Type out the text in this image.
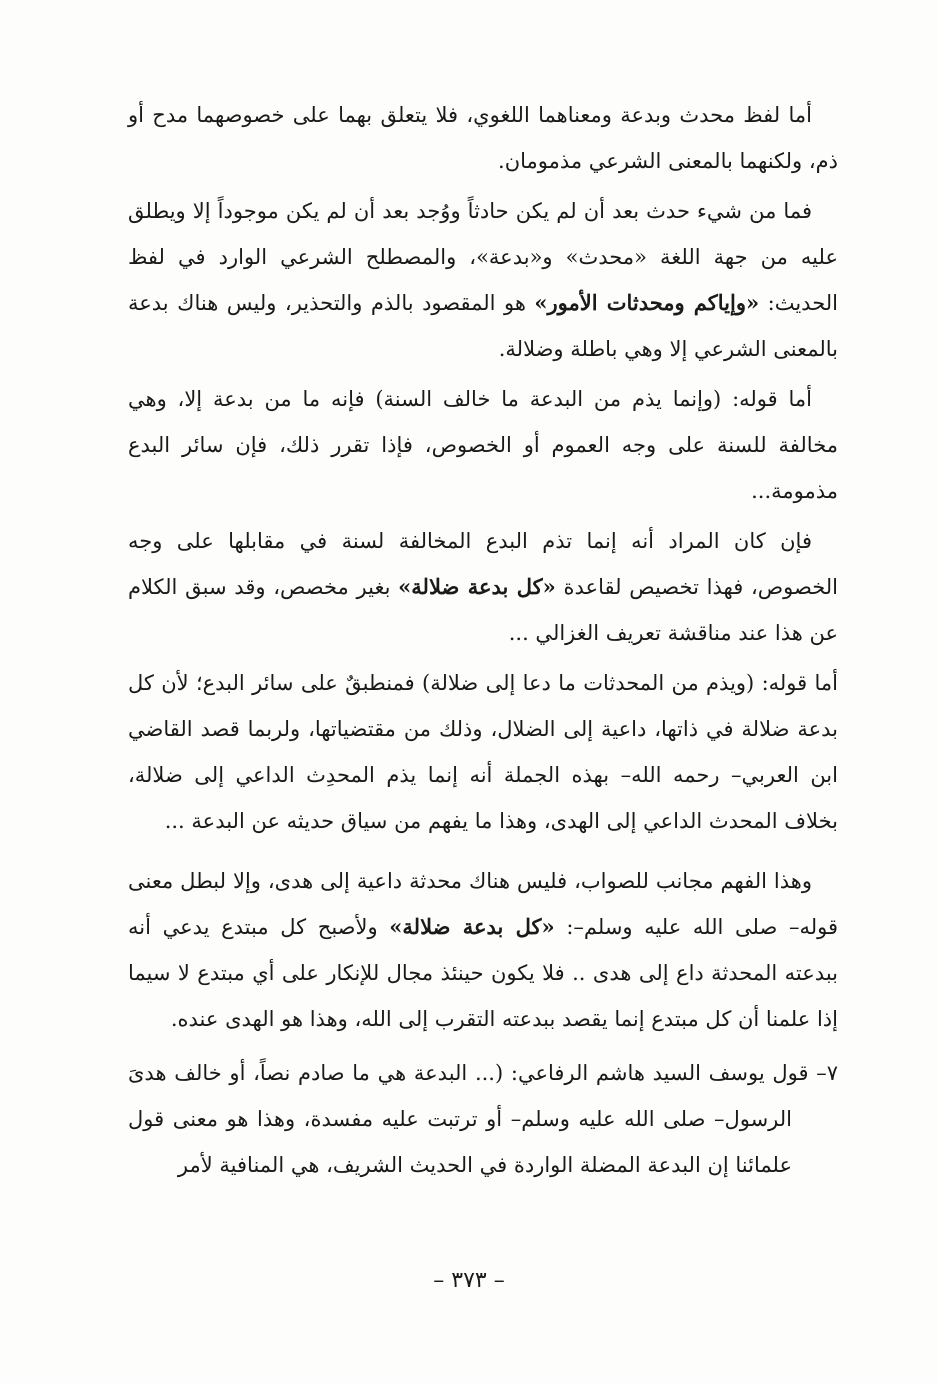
أما لفظ محدث وبدعة ومعناهما اللغوي، فلا يتعلق بهما على خصوصهما مدح أو ذم، ولكنهما بالمعنى الشرعي مذمومان.

فما من شيء حدث بعد أن لم يكن حادثاً ووُجد بعد أن لم يكن موجوداً إلا ويطلق عليه من جهة اللغة «محدث» و«بدعة»، والمصطلح الشرعي الوارد في لفظ الحديث: «وإياكم ومحدثات الأمور» هو المقصود بالذم والتحذير، وليس هناك بدعة بالمعنى الشرعي إلا وهي باطلة وضلالة.

أما قوله: (وإنما يذم من البدعة ما خالف السنة) فإنه ما من بدعة إلا، وهي مخالفة للسنة على وجه العموم أو الخصوص، فإذا تقرر ذلك، فإن سائر البدع مذمومة...

فإن كان المراد أنه إنما تذم البدع المخالفة لسنة في مقابلها على وجه الخصوص، فهذا تخصيص لقاعدة «كل بدعة ضلالة» بغير مخصص، وقد سبق الكلام عن هذا عند مناقشة تعريف الغزالي ...

أما قوله: (ويذم من المحدثات ما دعا إلى ضلالة) فمنطبقٌ على سائر البدع؛ لأن كل بدعة ضلالة في ذاتها، داعية إلى الضلال، وذلك من مقتضياتها، ولربما قصد القاضي ابن العربي– رحمه الله– بهذه الجملة أنه إنما يذم المحدِث الداعي إلى ضلالة، بخلاف المحدث الداعي إلى الهدى، وهذا ما يفهم من سياق حديثه عن البدعة ...

وهذا الفهم مجانب للصواب، فليس هناك محدثة داعية إلى هدى، وإلا لبطل معنى قوله– صلى الله عليه وسلم–: «كل بدعة ضلالة» ولأصبح كل مبتدع يدعي أنه ببدعته المحدثة داع إلى هدى .. فلا يكون حينئذ مجال للإنكار على أي مبتدع لا سيما إذا علمنا أن كل مبتدع إنما يقصد ببدعته التقرب إلى الله، وهذا هو الهدى عنده.

٧– قول يوسف السيد هاشم الرفاعي: (... البدعة هي ما صادم نصاً، أو خالف هدىَ الرسول– صلى الله عليه وسلم– أو ترتبت عليه مفسدة، وهذا هو معنى قول علمائنا إن البدعة المضلة الواردة في الحديث الشريف، هي المنافية لأمر

– ٣٧٣ –
